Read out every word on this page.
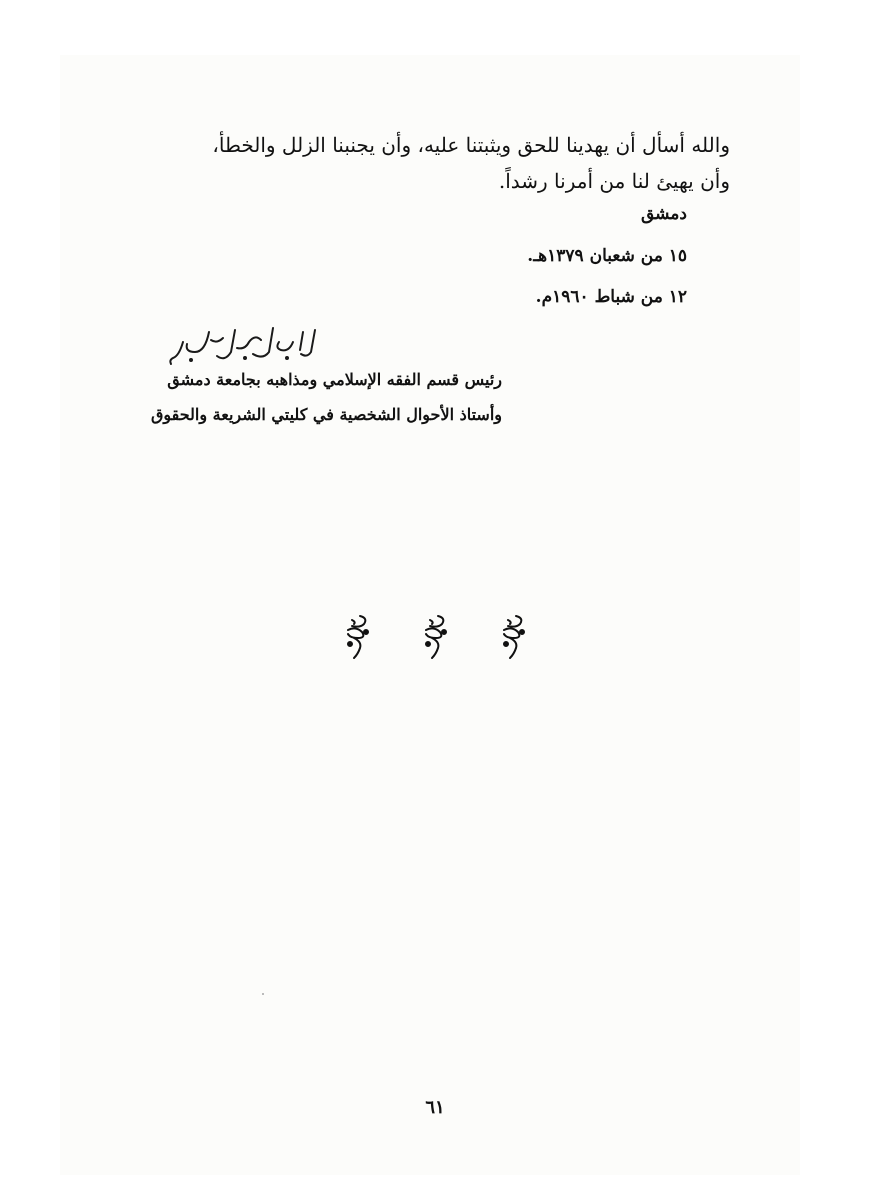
والله أسأل أن يهدينا للحق ويثبتنا عليه، وأن يجنبنا الزلل والخطأ،
وأن يهيئ لنا من أمرنا رشداً.
دمشق
١٥ من شعبان ١٣٧٩هـ.
١٢ من شباط ١٩٦٠م.
رئيس قسم الفقه الإسلامي ومذاهبه بجامعة دمشق
وأستاذ الأحوال الشخصية في كليتي الشريعة والحقوق
٦١
